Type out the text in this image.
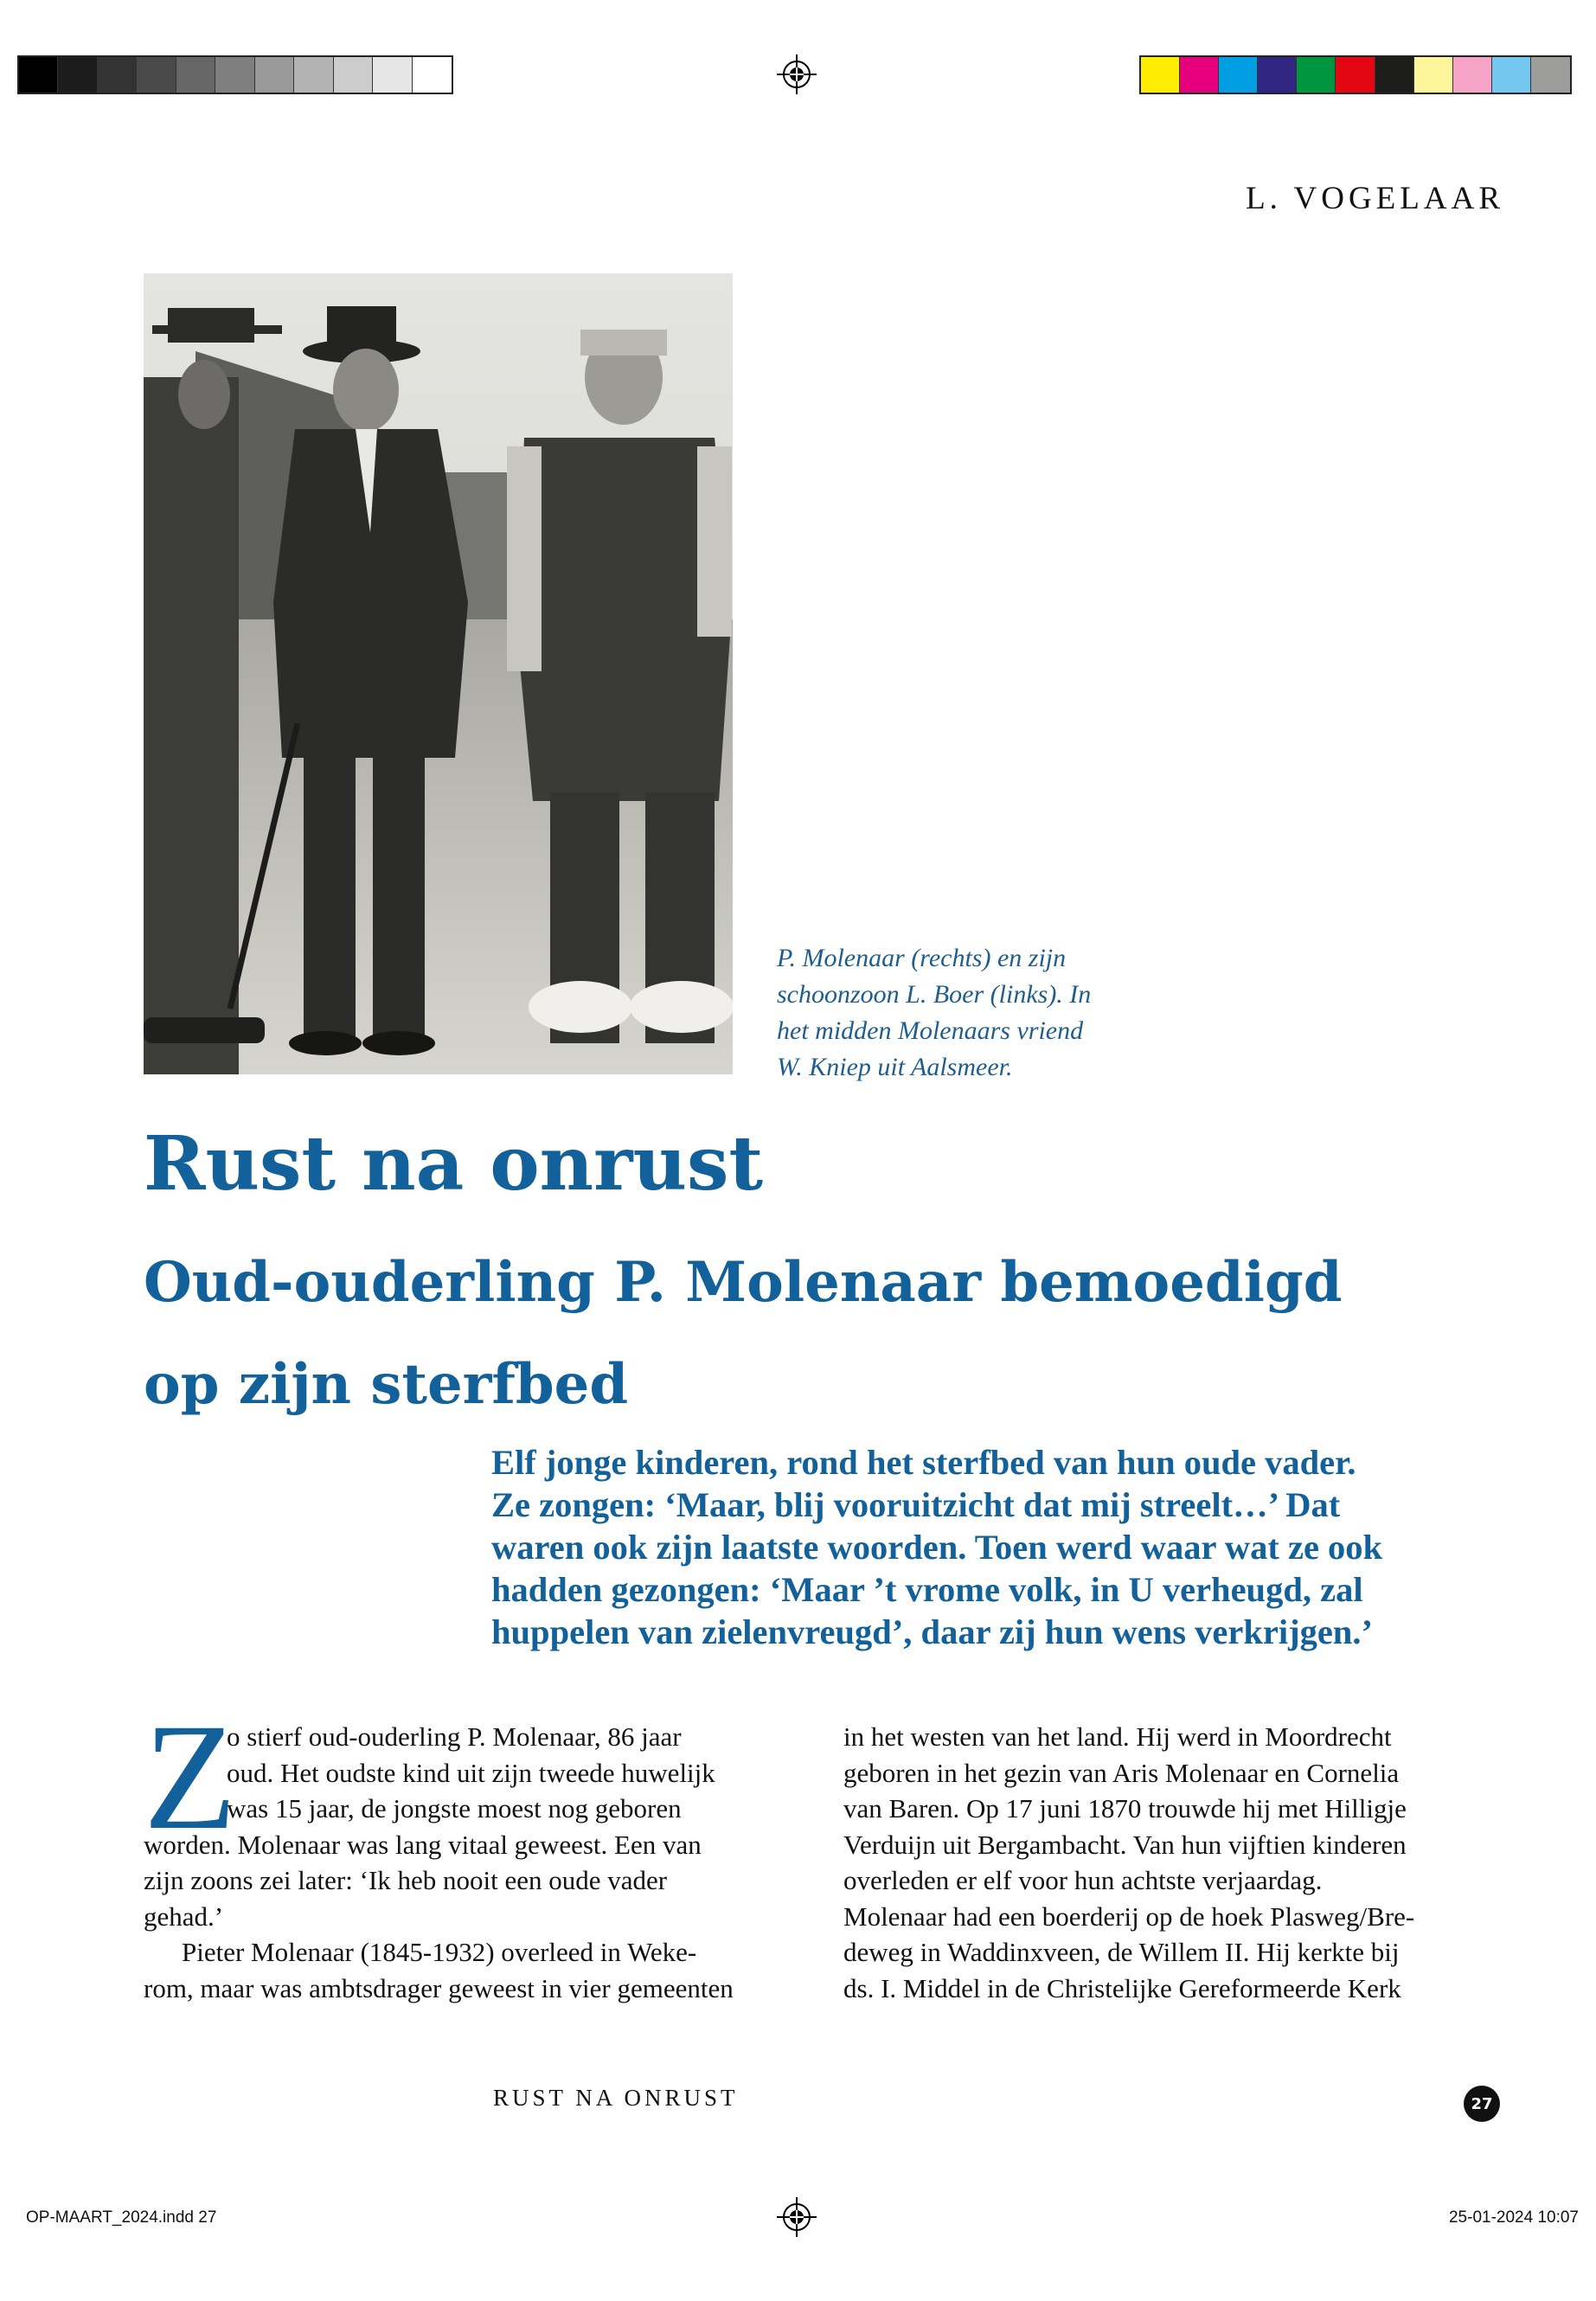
L. VOGELAAR
P. Molenaar (rechts) en zijn
schoonzoon L. Boer (links). In
het midden Molenaars vriend
W. Kniep uit Aalsmeer.
Rust na onrust
Oud-ouderling P. Molenaar bemoedigd
op zijn sterfbed
Elf jonge kinderen, rond het sterfbed van hun oude vader.
Ze zongen: ‘Maar, blij vooruitzicht dat mij streelt…’ Dat
waren ook zijn laatste woorden. Toen werd waar wat ze ook
hadden gezongen: ‘Maar ’t vrome volk, in U verheugd, zal
huppelen van zielenvreugd’, daar zij hun wens verkrijgen.’
Z
o stierf oud-ouderling P. Molenaar, 86 jaar
oud. Het oudste kind uit zijn tweede huwelijk
was 15 jaar, de jongste moest nog geboren
worden. Molenaar was lang vitaal geweest. Een van
zijn zoons zei later: ‘Ik heb nooit een oude vader
gehad.’
Pieter Molenaar (1845-1932) overleed in Weke-
rom, maar was ambtsdrager geweest in vier gemeenten
in het westen van het land. Hij werd in Moordrecht
geboren in het gezin van Aris Molenaar en Cornelia
van Baren. Op 17 juni 1870 trouwde hij met Hilligje
Verduijn uit Bergambacht. Van hun vijftien kinderen
overleden er elf voor hun achtste verjaardag.
Molenaar had een boerderij op de hoek Plasweg/Bre-
deweg in Waddinxveen, de Willem II. Hij kerkte bij
ds. I. Middel in de Christelijke Gereformeerde Kerk
RUST NA ONRUST	27
OP-MAART_2024.indd 27	25-01-2024 10:07
